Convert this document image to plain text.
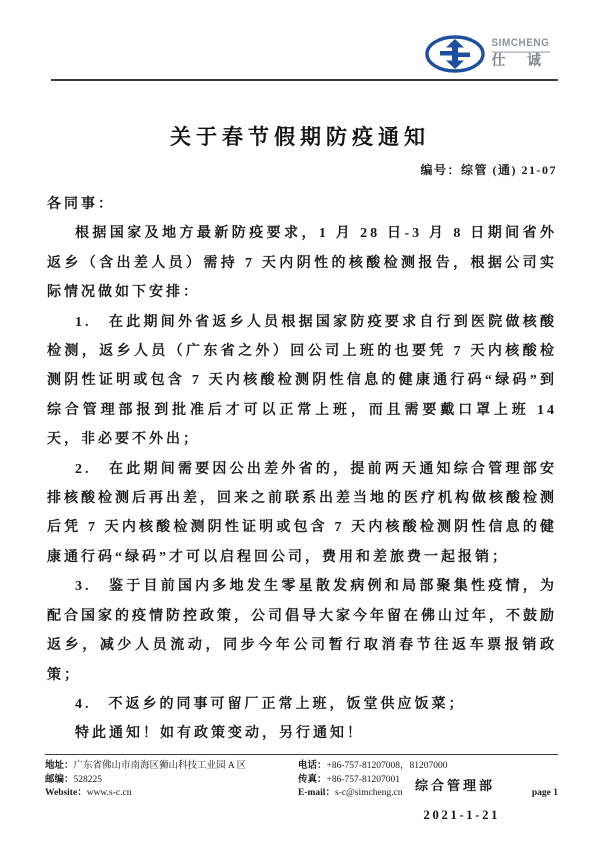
SIMCHENG
仕 诚
关于春节假期防疫通知
编号：综管 (通) 21-07

各同事：

根据国家及地方最新防疫要求，1 月 28 日-3 月 8 日期间省外返乡（含出差人员）需持 7 天内阴性的核酸检测报告，根据公司实际情况做如下安排：

1.　在此期间外省返乡人员根据国家防疫要求自行到医院做核酸检测，返乡人员（广东省之外）回公司上班的也要凭 7 天内核酸检测阴性证明或包含 7 天内核酸检测阴性信息的健康通行码“绿码”到综合管理部报到批准后才可以正常上班，而且需要戴口罩上班 14 天，非必要不外出；

2.　在此期间需要因公出差外省的，提前两天通知综合管理部安排核酸检测后再出差，回来之前联系出差当地的医疗机构做核酸检测后凭 7 天内核酸检测阴性证明或包含 7 天内核酸检测阴性信息的健康通行码“绿码”才可以启程回公司，费用和差旅费一起报销；

3.　鉴于目前国内多地发生零星散发病例和局部聚集性疫情，为配合国家的疫情防控政策，公司倡导大家今年留在佛山过年，不鼓励返乡，减少人员流动，同步今年公司暂行取消春节往返车票报销政策；

4.　不返乡的同事可留厂正常上班，饭堂供应饭菜；

特此通知！如有政策变动，另行通知！

综合管理部
2021-1-21
地址： 广东省佛山市南海区狮山科技工业园 A 区	电话： +86-757-81207008，81207000
邮编： 528225	传真： +86-757-81207001
Website： www.s-c.cn	E-mail： s-c@simcheng.cn	page 1
